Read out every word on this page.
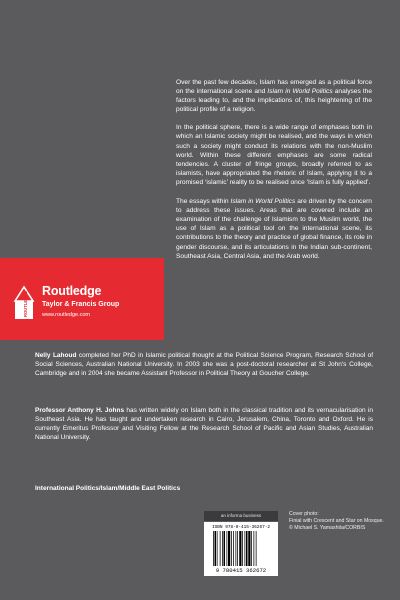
Over the past few decades, Islam has emerged as a political force on the international scene and Islam in World Politics analyses the factors leading to, and the implications of, this heightening of the political profile of a religion.

In the political sphere, there is a wide range of emphases both in which an Islamic society might be realised, and the ways in which such a society might conduct its relations with the non-Muslim world. Within these different emphases are some radical tendencies. A cluster of fringe groups, broadly referred to as islamists, have appropriated the rhetoric of Islam, applying it to a promised ‘islamic’ reality to be realised once ‘Islam is fully applied’.

The essays within Islam in World Politics are driven by the concern to address these issues. Areas that are covered include an examination of the challenge of Islamism to the Muslim world, the use of Islam as a political tool on the international scene, its contributions to the theory and practice of global finance, its role in gender discourse, and its articulations in the Indian sub-continent, Southeast Asia, Central Asia, and the Arab world.

ROUTLEDGE Routledge
Taylor & Francis Group
www.routledge.com

Nelly Lahoud completed her PhD in Islamic political thought at the Political Science Program, Research School of Social Sciences, Australian National University. In 2003 she was a post-doctoral researcher at St John's College, Cambridge and in 2004 she became Assistant Professor in Political Theory at Goucher College.

Professor Anthony H. Johns has written widely on Islam both in the classical tradition and its vernacularisation in Southeast Asia. He has taught and undertaken research in Cairo, Jerusalem, China, Toronto and Oxford. He is currently Emeritus Professor and Visiting Fellow at the Research School of Pacific and Asian Studies, Australian National University.

International Politics/Islam/Middle East Politics
an informa business
ISBN 978-0-415-36267-2
9 780415 362672
Cover photo:
Finial with Crescent and Star on Mosque.
© Michael S. Yamashita/CORBIS
